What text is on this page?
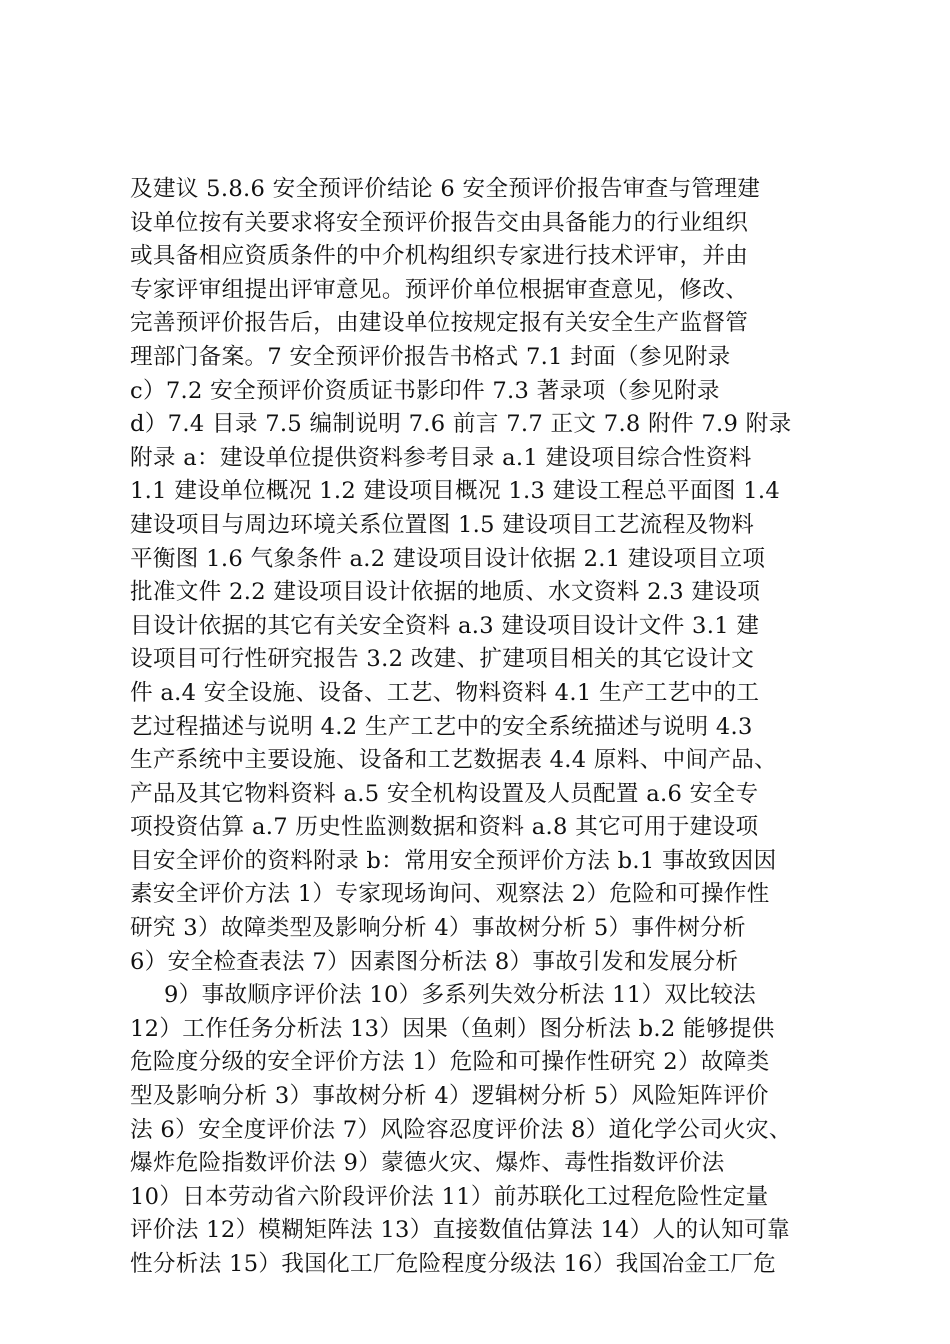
及建议 5.8.6 安全预评价结论 6 安全预评价报告审查与管理建
设单位按有关要求将安全预评价报告交由具备能力的行业组织
或具备相应资质条件的中介机构组织专家进行技术评审，并由
专家评审组提出评审意见。预评价单位根据审查意见，修改、
完善预评价报告后，由建设单位按规定报有关安全生产监督管
理部门备案。7 安全预评价报告书格式 7.1 封面（参见附录
c）7.2 安全预评价资质证书影印件 7.3 著录项（参见附录
d）7.4 目录 7.5 编制说明 7.6 前言 7.7 正文 7.8 附件 7.9 附录
附录 a：建设单位提供资料参考目录 a.1 建设项目综合性资料
1.1 建设单位概况 1.2 建设项目概况 1.3 建设工程总平面图 1.4
建设项目与周边环境关系位置图 1.5 建设项目工艺流程及物料
平衡图 1.6 气象条件 a.2 建设项目设计依据 2.1 建设项目立项
批准文件 2.2 建设项目设计依据的地质、水文资料 2.3 建设项
目设计依据的其它有关安全资料 a.3 建设项目设计文件 3.1 建
设项目可行性研究报告 3.2 改建、扩建项目相关的其它设计文
件 a.4 安全设施、设备、工艺、物料资料 4.1 生产工艺中的工
艺过程描述与说明 4.2 生产工艺中的安全系统描述与说明 4.3
生产系统中主要设施、设备和工艺数据表 4.4 原料、中间产品、
产品及其它物料资料 a.5 安全机构设置及人员配置 a.6 安全专
项投资估算 a.7 历史性监测数据和资料 a.8 其它可用于建设项
目安全评价的资料附录 b：常用安全预评价方法 b.1 事故致因因
素安全评价方法 1）专家现场询问、观察法 2）危险和可操作性
研究 3）故障类型及影响分析 4）事故树分析 5）事件树分析
6）安全检查表法 7）因素图分析法 8）事故引发和发展分析
9）事故顺序评价法 10）多系列失效分析法 11）双比较法
12）工作任务分析法 13）因果（鱼刺）图分析法 b.2 能够提供
危险度分级的安全评价方法 1）危险和可操作性研究 2）故障类
型及影响分析 3）事故树分析 4）逻辑树分析 5）风险矩阵评价
法 6）安全度评价法 7）风险容忍度评价法 8）道化学公司火灾、
爆炸危险指数评价法 9）蒙德火灾、爆炸、毒性指数评价法
10）日本劳动省六阶段评价法 11）前苏联化工过程危险性定量
评价法 12）模糊矩阵法 13）直接数值估算法 14）人的认知可靠
性分析法 15）我国化工厂危险程度分级法 16）我国冶金工厂危
